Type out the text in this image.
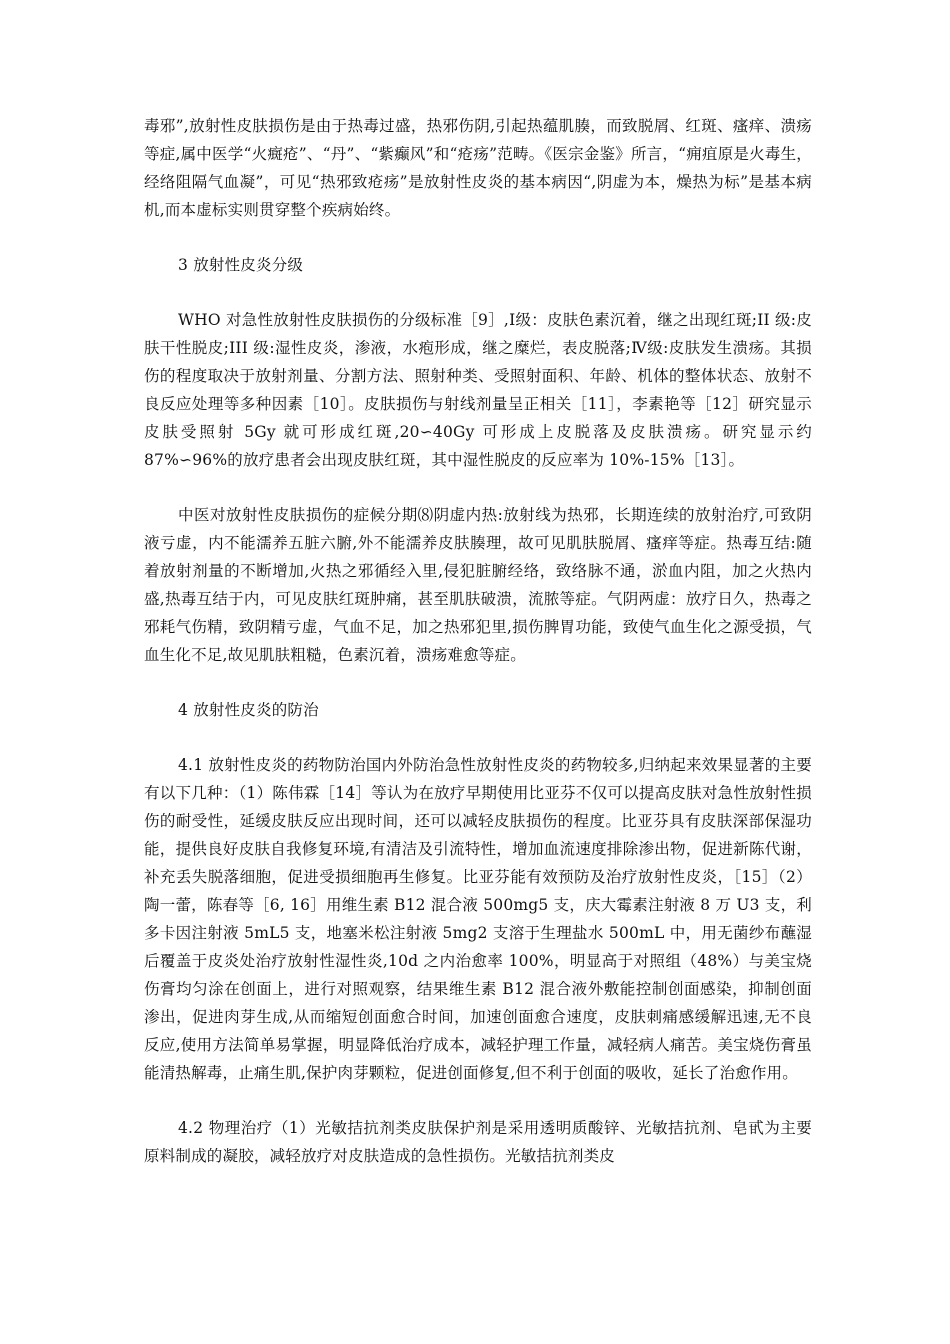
毒邪”,放射性皮肤损伤是由于热毒过盛，热邪伤阴,引起热蕴肌腠，而致脱屑、红斑、瘙痒、溃疡等症,属中医学“火癍疮”、“丹”、“紫癫风”和“疮疡”范畴。《医宗金鉴》所言，“痈疽原是火毒生，经络阻隔气血凝”，可见“热邪致疮疡”是放射性皮炎的基本病因“,阴虚为本，燥热为标”是基本病机,而本虚标实则贯穿整个疾病始终。

3 放射性皮炎分级

WHO 对急性放射性皮肤损伤的分级标准［9］,Ⅰ级：皮肤色素沉着，继之出现红斑;II 级:皮肤干性脱皮;III 级:湿性皮炎，渗液，水疱形成，继之糜烂，表皮脱落;Ⅳ级:皮肤发生溃疡。其损伤的程度取决于放射剂量、分割方法、照射种类、受照射面积、年龄、机体的整体状态、放射不良反应处理等多种因素［10］。皮肤损伤与射线剂量呈正相关［11］，李素艳等［12］研究显示皮肤受照射 5Gy 就可形成红斑,20∽40Gy 可形成上皮脱落及皮肤溃疡。研究显示约 87%∽96%的放疗患者会出现皮肤红斑，其中湿性脱皮的反应率为 10%-15%［13］。

中医对放射性皮肤损伤的症候分期⑻阴虚内热:放射线为热邪，长期连续的放射治疗,可致阴液亏虚，内不能濡养五脏六腑,外不能濡养皮肤腠理，故可见肌肤脱屑、瘙痒等症。热毒互结:随着放射剂量的不断增加,火热之邪循经入里,侵犯脏腑经络，致络脉不通，淤血内阻，加之火热内盛,热毒互结于内，可见皮肤红斑肿痛，甚至肌肤破溃，流脓等症。气阴两虚：放疗日久，热毒之邪耗气伤精，致阴精亏虚，气血不足，加之热邪犯里,损伤脾胃功能，致使气血生化之源受损，气血生化不足,故见肌肤粗糙，色素沉着，溃疡难愈等症。

4 放射性皮炎的防治

4.1 放射性皮炎的药物防治国内外防治急性放射性皮炎的药物较多,归纳起来效果显著的主要有以下几种：（1）陈伟霖［14］等认为在放疗早期使用比亚芬不仅可以提高皮肤对急性放射性损伤的耐受性，延缓皮肤反应出现时间，还可以减轻皮肤损伤的程度。比亚芬具有皮肤深部保湿功能，提供良好皮肤自我修复环境,有清洁及引流特性，增加血流速度排除渗出物，促进新陈代谢，补充丢失脱落细胞，促进受损细胞再生修复。比亚芬能有效预防及治疗放射性皮炎，［15］（2）陶一蕾，陈春等［6, 16］用维生素 B12 混合液 500mg5 支，庆大霉素注射液 8 万 U3 支，利多卡因注射液 5mL5 支，地塞米松注射液 5mg2 支溶于生理盐水 500mL 中，用无菌纱布蘸湿后覆盖于皮炎处治疗放射性湿性炎,10d 之内治愈率 100%，明显高于对照组（48%）与美宝烧伤膏均匀涂在创面上，进行对照观察，结果维生素 B12 混合液外敷能控制创面感染，抑制创面渗出，促进肉芽生成,从而缩短创面愈合时间，加速创面愈合速度，皮肤刺痛感缓解迅速,无不良反应,使用方法简单易掌握，明显降低治疗成本，减轻护理工作量，减轻病人痛苦。美宝烧伤膏虽能清热解毒，止痛生肌,保护肉芽颗粒，促进创面修复,但不利于创面的吸收，延长了治愈作用。

4.2 物理治疗（1）光敏拮抗剂类皮肤保护剂是采用透明质酸锌、光敏拮抗剂、皂甙为主要原料制成的凝胶，减轻放疗对皮肤造成的急性损伤。光敏拮抗剂类皮
